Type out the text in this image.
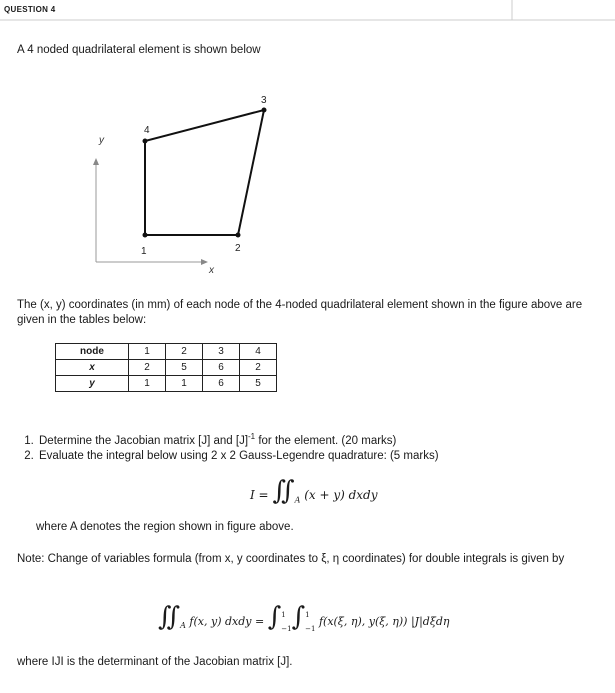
QUESTION 4
A 4 noded quadrilateral element is shown below
y
x
1	2
3
4
The (x, y) coordinates (in mm) of each node of the 4-noded quadrilateral element shown in the figure above are given in the tables below:
node	1	2	3	4
x	2	5	6	2
y	1	1	6	5
1. Determine the Jacobian matrix [J] and $[J]^{-1}$ for the element. (20 marks)
2. Evaluate the integral below using 2 x 2 Gauss-Legendre quadrature: (5 marks)
$I = ∬_A$ (x + y) dxdy
where A denotes the region shown in figure above.
Note: Change of variables formula (from x, y coordinates to ξ, η coordinates) for double integrals is given by
$∬_A$ f(x, y) dxdy = ∫ 1
−1 ∫ 1
−1
f(x(ξ, η), y(ξ, η)) |J|dξdη
where IJI is the determinant of the Jacobian matrix [J].
